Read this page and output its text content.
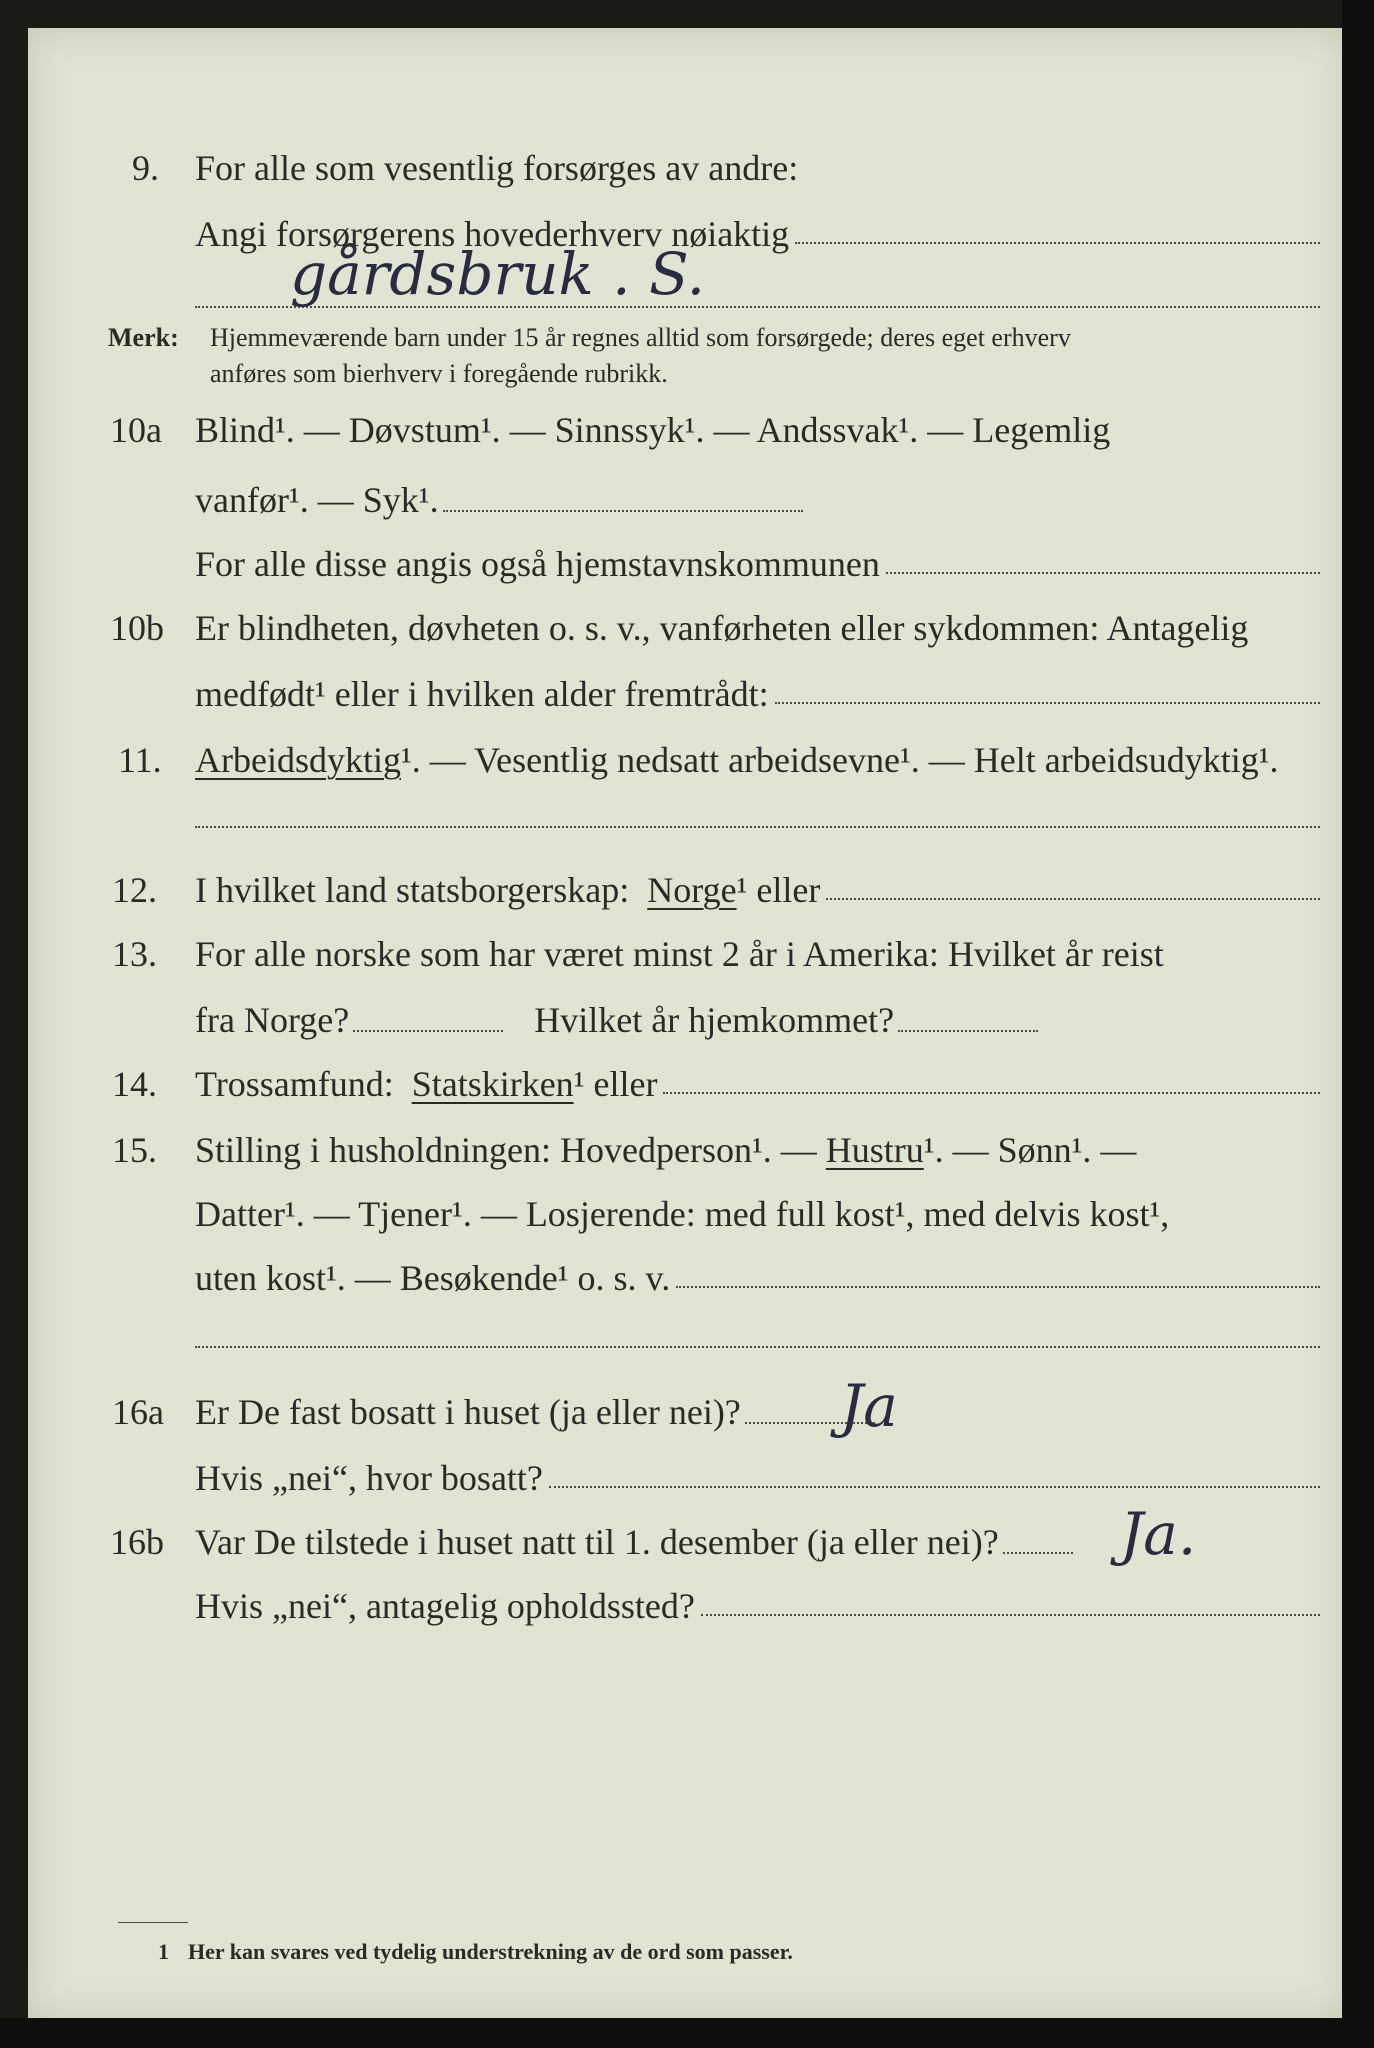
9. For alle som vesentlig forsørges av andre:
Angi forsørgerens hovederhverv nøiaktig
gårdsbruk . S.
Merk: Hjemmeværende barn under 15 år regnes alltid som forsørgede; deres eget erhverv
anføres som bierhverv i foregående rubrikk.
10a Blind¹. — Døvstum¹. — Sinnssyk¹. — Andssvak¹. — Legemlig
vanfør¹. — Syk¹.
For alle disse angis også hjemstavnskommunen
10b Er blindheten, døvheten o. s. v., vanførheten eller sykdommen: Antagelig
medfødt¹ eller i hvilken alder fremtrådt:
11. Arbeidsdyktig ¹. — Vesentlig nedsatt arbeidsevne¹. — Helt arbeidsudyktig¹.
12. I hvilket land statsborgerskap:
Norge ¹ eller
13. For alle norske som har været minst 2 år i Amerika: Hvilket år reist
fra Norge?
	Hvilket år hjemkommet?
14. Trossamfund:
Statskirken ¹ eller
15. Stilling i husholdningen: Hovedperson¹. —
Hustru ¹. — Sønn¹. —
Datter¹. — Tjener¹. — Losjerende: med full kost¹, med delvis kost¹,
uten kost¹. — Besøkende¹ o. s. v.
16a Er De fast bosatt i huset (ja eller nei)? Ja
Hvis „nei“, hvor bosatt?
16b Var De tilstede i huset natt til 1. desember (ja eller nei)? Ja.
Hvis „nei“, antagelig opholdssted?
1 Her kan svares ved tydelig understrekning av de ord som passer.
